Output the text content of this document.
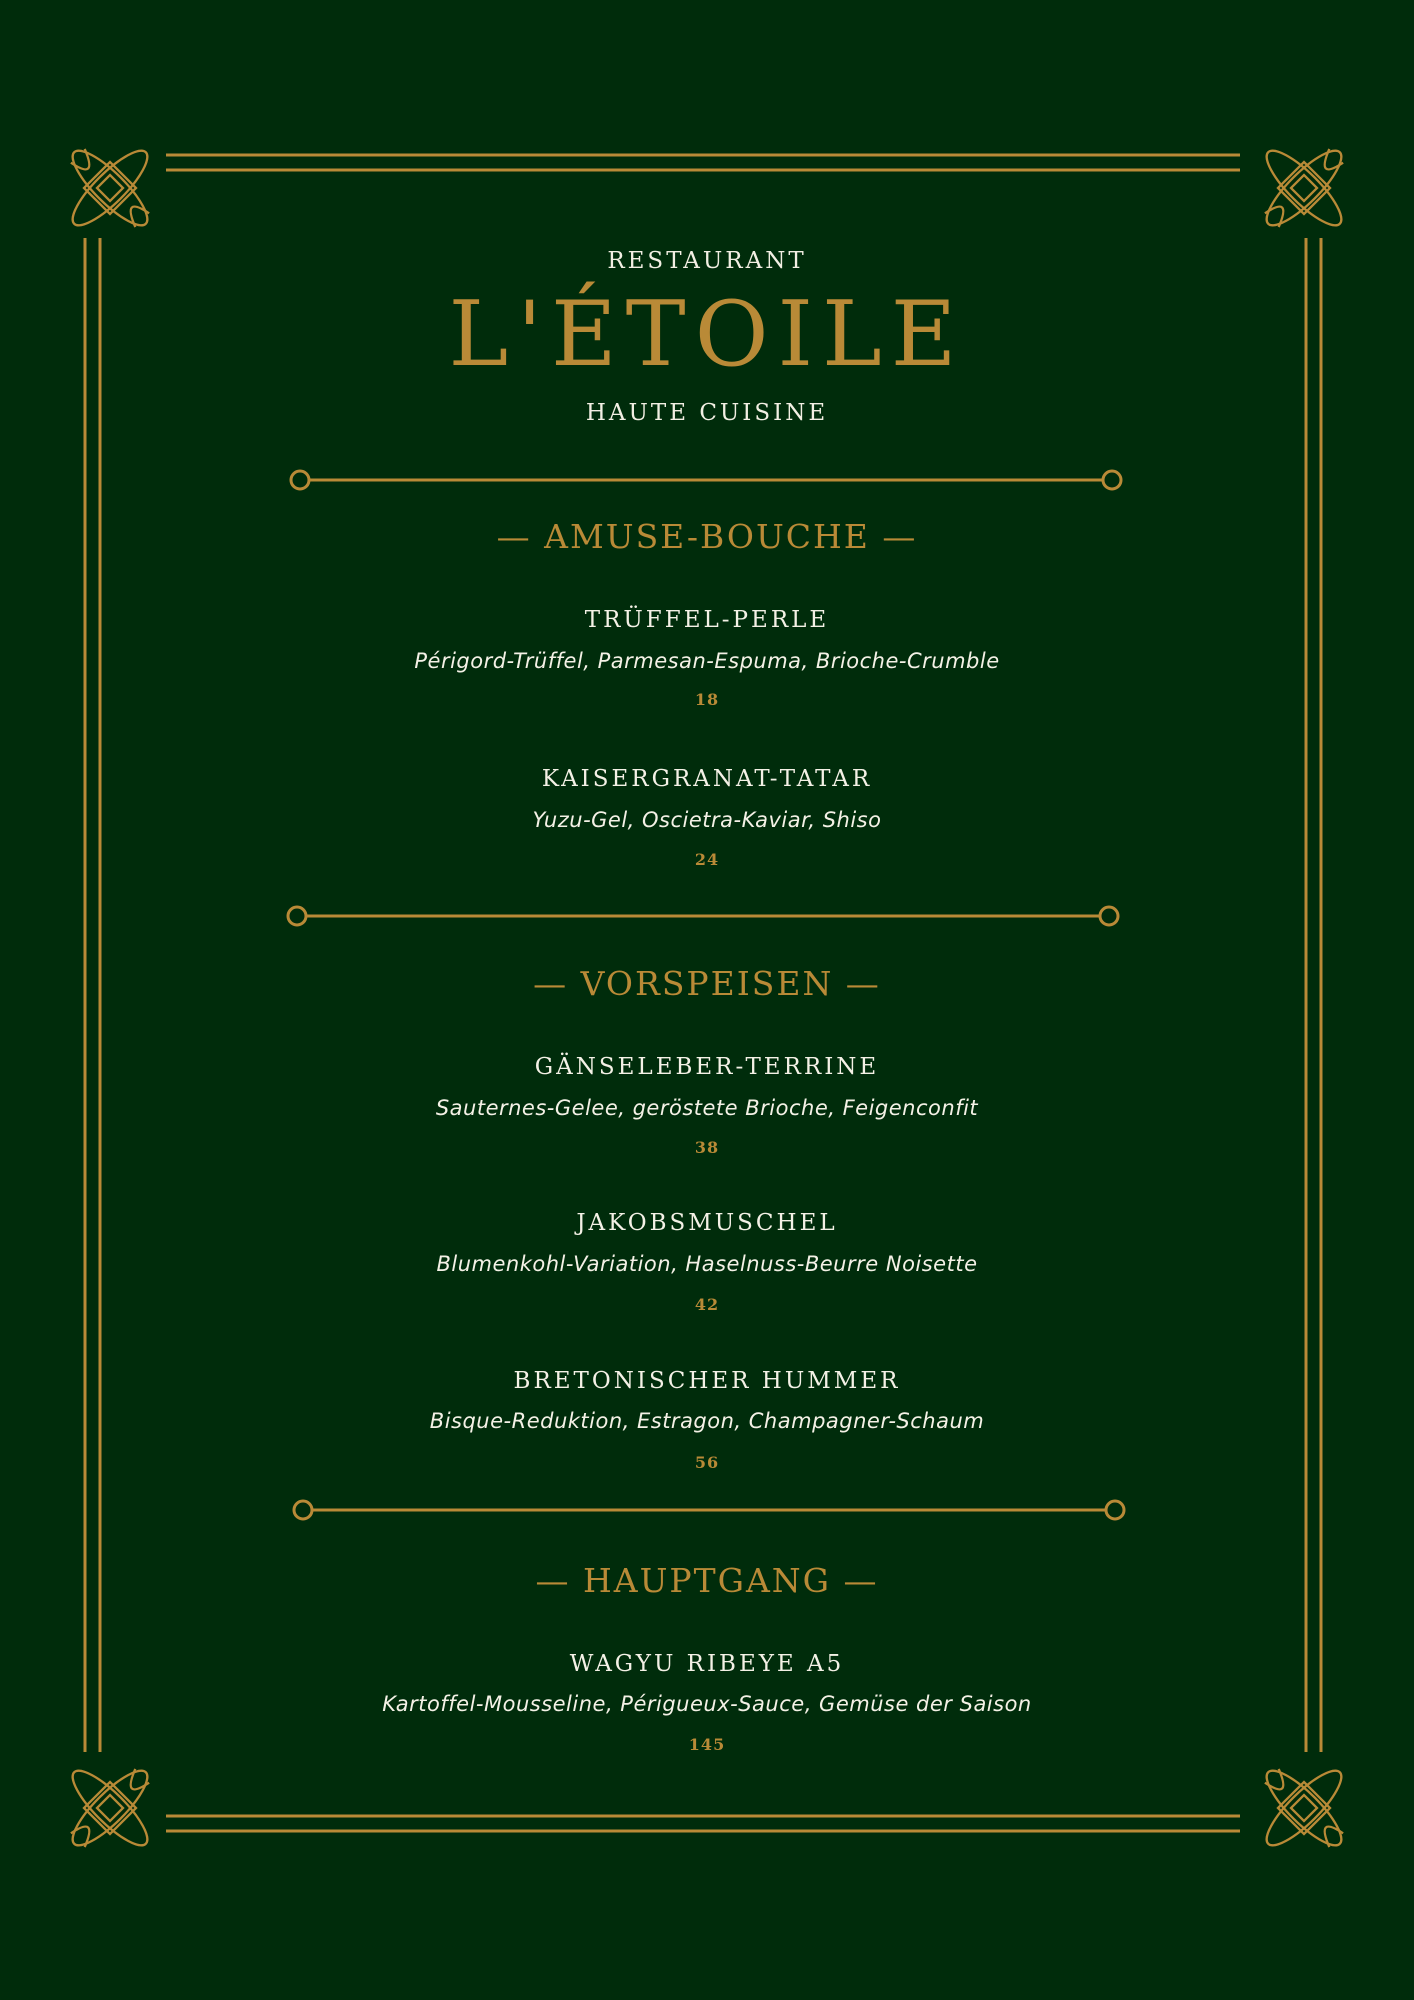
RESTAURANT
L'ÉTOILE
HAUTE CUISINE
— AMUSE-BOUCHE —
TRÜFFEL-PERLE
Périgord-Trüffel, Parmesan-Espuma, Brioche-Crumble
18
KAISERGRANAT-TATAR
Yuzu-Gel, Oscietra-Kaviar, Shiso
24
— VORSPEISEN —
GÄNSELEBER-TERRINE
Sauternes-Gelee, geröstete Brioche, Feigenconfit
38
JAKOBSMUSCHEL
Blumenkohl-Variation, Haselnuss-Beurre Noisette
42
BRETONISCHER HUMMER
Bisque-Reduktion, Estragon, Champagner-Schaum
56
— HAUPTGANG —
WAGYU RIBEYE A5
Kartoffel-Mousseline, Périgueux-Sauce, Gemüse der Saison
145
